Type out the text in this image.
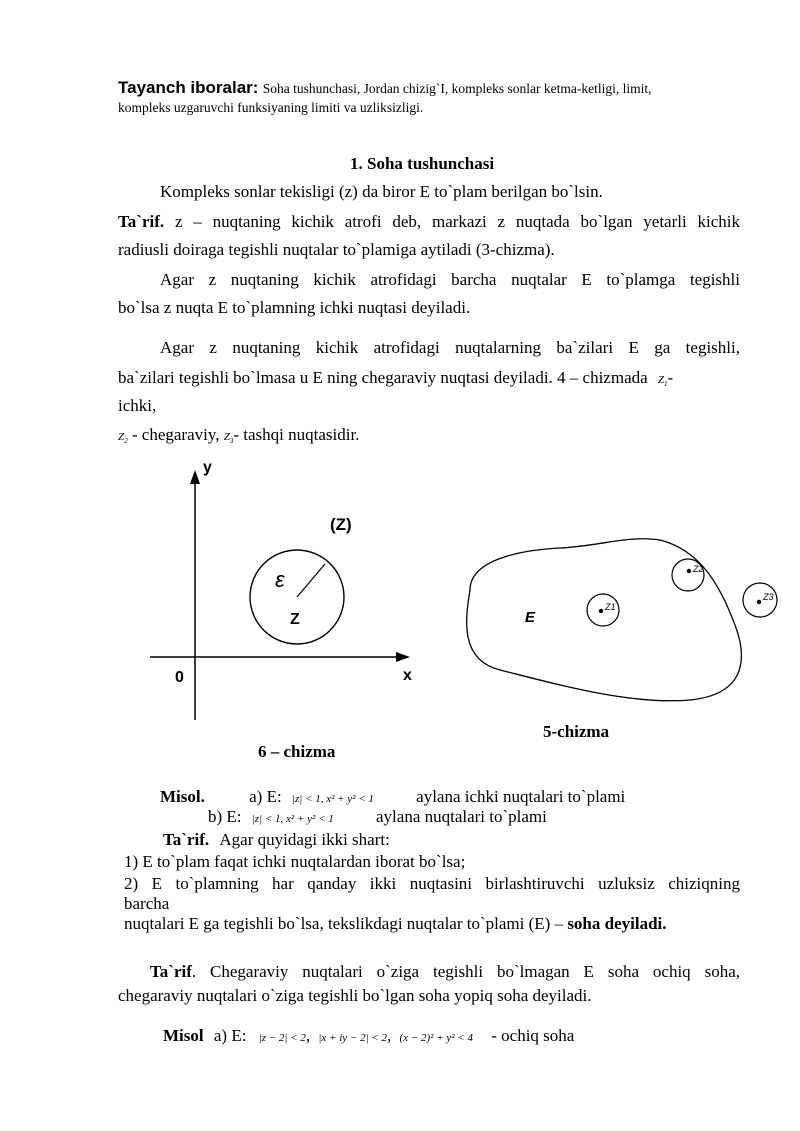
Tayanch iboralar: Soha tushunchasi, Jordan chizig`I, kompleks sonlar ketma-ketligi, limit,
kompleks uzgaruvchi funksiyaning limiti va uzliksizligi.
1. Soha tushunchasi
Kompleks sonlar tekisligi (z) da biror E to`plam berilgan bo`lsin.
Ta`rif. z – nuqtaning kichik atrofi deb, markazi z nuqtada bo`lgan yetarli kichik
radiusli doiraga tegishli nuqtalar to`plamiga aytiladi (3-chizma).
Agar z nuqtaning kichik atrofidagi barcha nuqtalar E to`plamga tegishli
bo`lsa z nuqta E to`plamning ichki nuqtasi deyiladi.
Agar z nuqtaning kichik atrofidagi nuqtalarning ba`zilari E ga tegishli,
ba`zilari tegishli bo`lmasa u E ning chegaraviy nuqtasi deyiladi. 4 – chizmada $Z_1-$
ichki,
$Z_2$ - chegaraviy, $Z_3-$ tashqi nuqtasidir.
y
x
0
(Z)
ε
Z	E
Z1
Z2
Z3
5-chizma
6 – chizma
Misol.	a) E: |z| < 1, x² + y² < 1 aylana ichki nuqtalari to`plami
b) E: |z| < 1, x² + y² < 1 aylana nuqtalari to`plami
Ta`rif. Agar quyidagi ikki shart:
1) E to`plam faqat ichki nuqtalardan iborat bo`lsa;
2) E to`plamning har qanday ikki nuqtasini birlashtiruvchi uzluksiz chiziqning
barcha
nuqtalari E ga tegishli bo`lsa, tekslikdagi nuqtalar to`plami (E) – soha deyiladi.
Ta`rif. Chegaraviy nuqtalari o`ziga tegishli bo`lmagan E soha ochiq soha,
chegaraviy nuqtalari o`ziga tegishli bo`lgan soha yopiq soha deyiladi.
Misol a) E: |z − 2| < 2, |x + iy − 2| < 2, (x − 2)² + y² < 4 - ochiq soha
